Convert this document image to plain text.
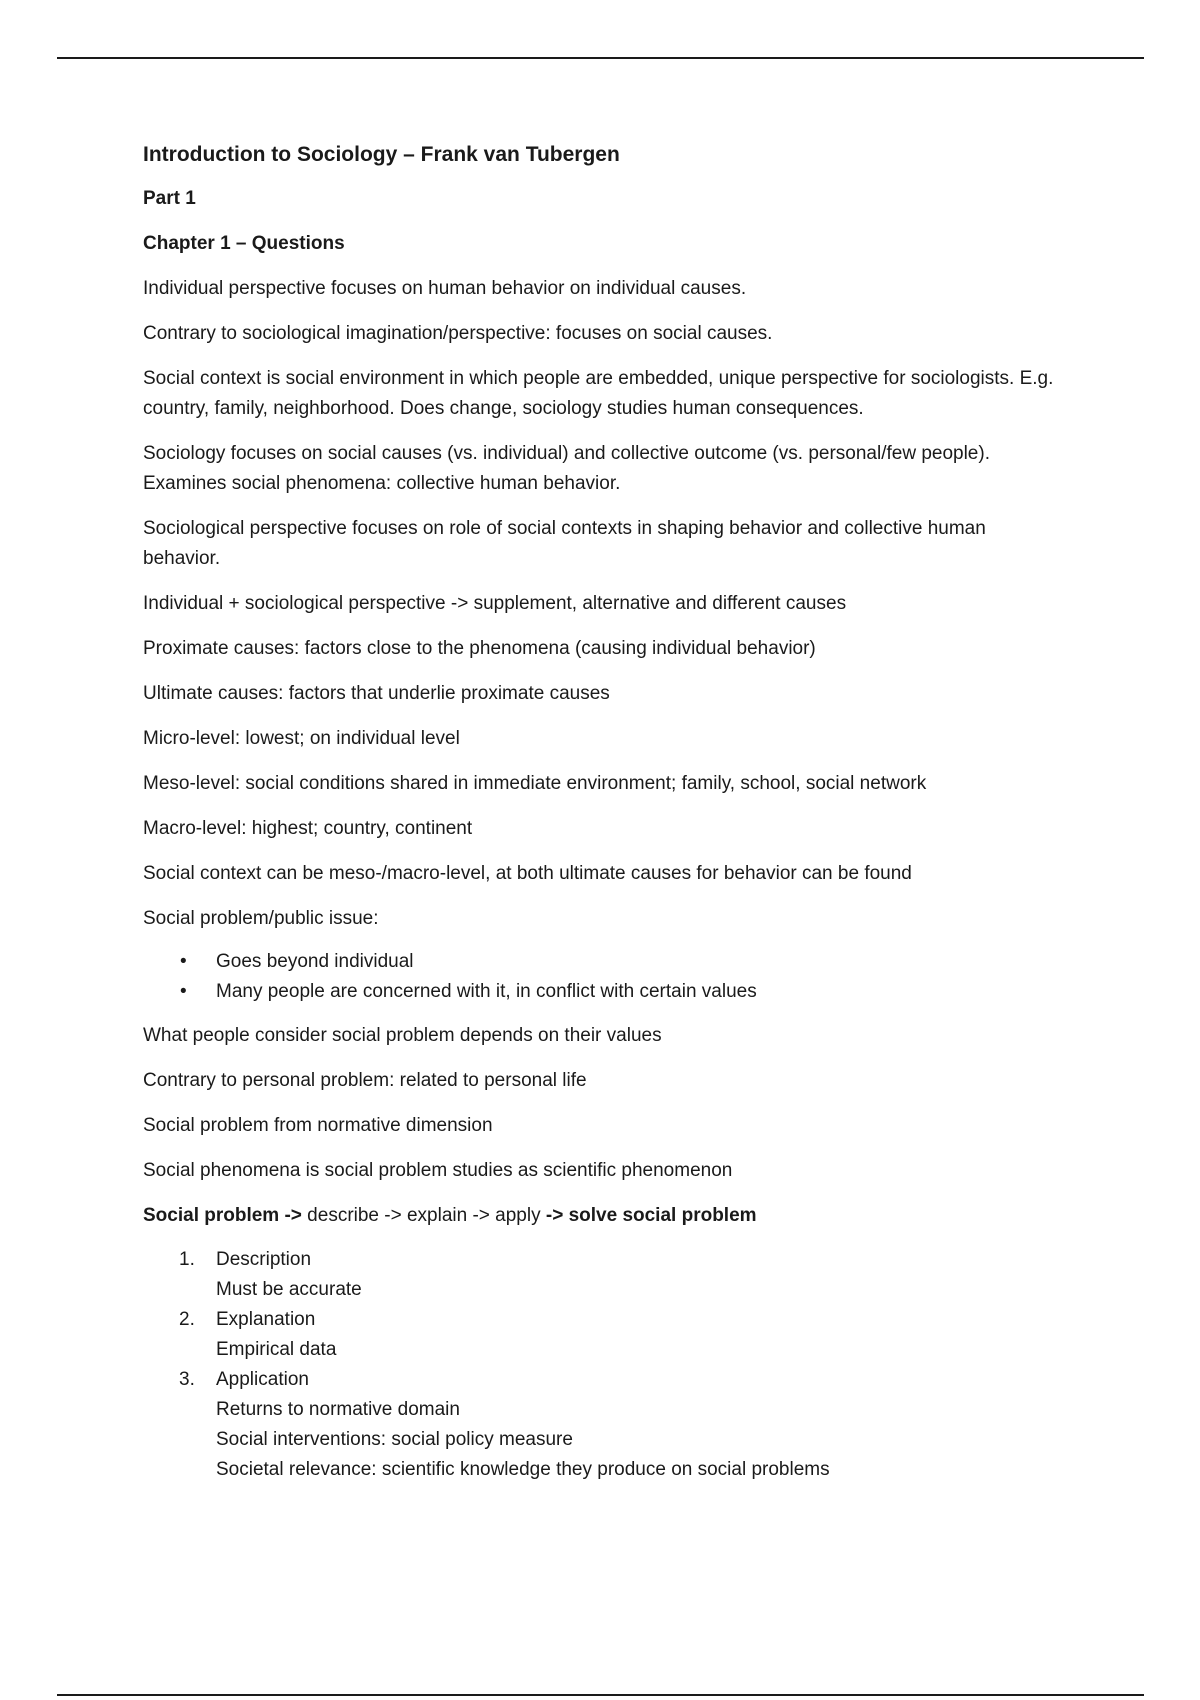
Introduction to Sociology – Frank van Tubergen

Part 1

Chapter 1 – Questions

Individual perspective focuses on human behavior on individual causes.

Contrary to sociological imagination/perspective: focuses on social causes.

Social context is social environment in which people are embedded, unique perspective for sociologists. E.g. country, family, neighborhood. Does change, sociology studies human consequences.

Sociology focuses on social causes (vs. individual) and collective outcome (vs. personal/few people). Examines social phenomena: collective human behavior.

Sociological perspective focuses on role of social contexts in shaping behavior and collective human behavior.

Individual + sociological perspective -> supplement, alternative and different causes

Proximate causes: factors close to the phenomena (causing individual behavior)

Ultimate causes: factors that underlie proximate causes

Micro-level: lowest; on individual level

Meso-level: social conditions shared in immediate environment; family, school, social network

Macro-level: highest; country, continent

Social context can be meso-/macro-level, at both ultimate causes for behavior can be found

Social problem/public issue:

• Goes beyond individual
• Many people are concerned with it, in conflict with certain values

What people consider social problem depends on their values

Contrary to personal problem: related to personal life

Social problem from normative dimension

Social phenomena is social problem studies as scientific phenomenon

Social problem -> describe -> explain -> apply -> solve social problem

1. Description
Must be accurate
2. Explanation
Empirical data
3. Application
Returns to normative domain
Social interventions: social policy measure
Societal relevance: scientific knowledge they produce on social problems
